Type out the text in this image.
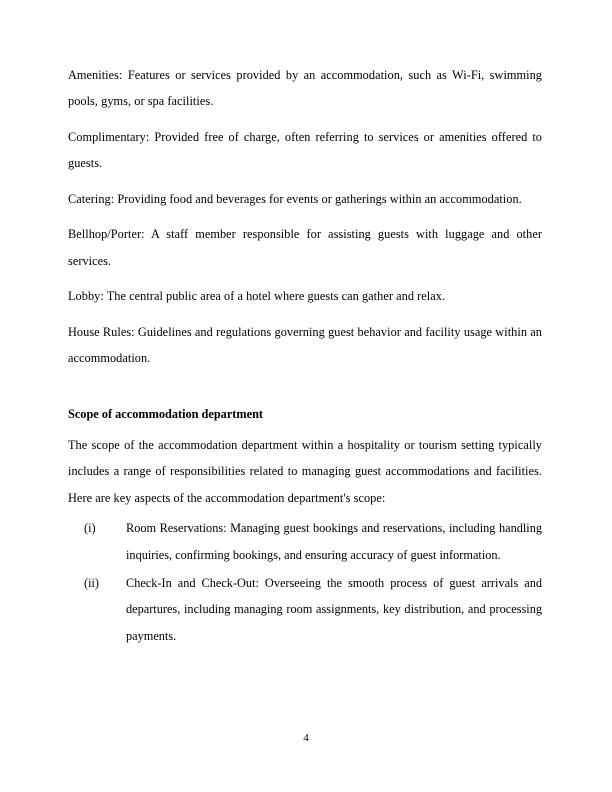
Amenities: Features or services provided by an accommodation, such as Wi-Fi, swimming pools, gyms, or spa facilities.

Complimentary: Provided free of charge, often referring to services or amenities offered to guests.

Catering: Providing food and beverages for events or gatherings within an accommodation.

Bellhop/Porter: A staff member responsible for assisting guests with luggage and other services.

Lobby: The central public area of a hotel where guests can gather and relax.

House Rules: Guidelines and regulations governing guest behavior and facility usage within an accommodation.

Scope of accommodation department

The scope of the accommodation department within a hospitality or tourism setting typically includes a range of responsibilities related to managing guest accommodations and facilities. Here are key aspects of the accommodation department's scope:

(i)	Room Reservations: Managing guest bookings and reservations, including handling inquiries, confirming bookings, and ensuring accuracy of guest information.
(ii)	Check-In and Check-Out: Overseeing the smooth process of guest arrivals and departures, including managing room assignments, key distribution, and processing payments.
4
